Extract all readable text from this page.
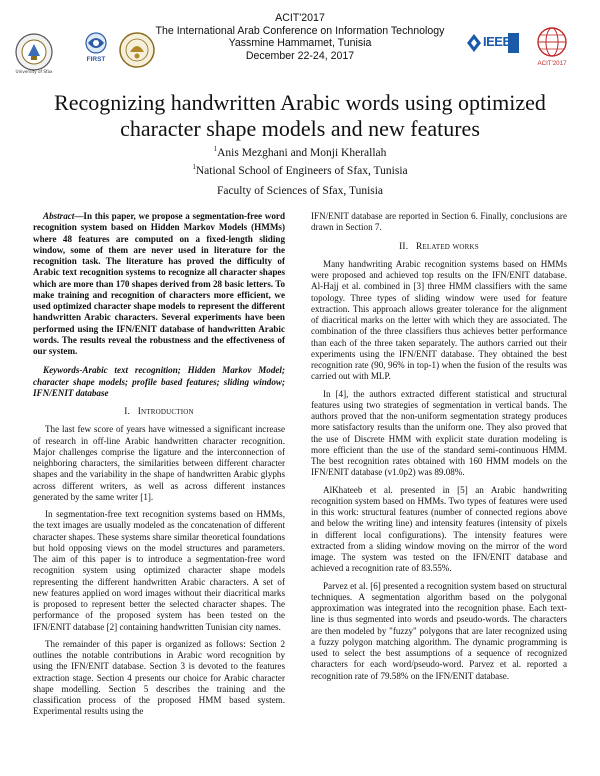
ACIT'2017
The International Arab Conference on Information Technology
Yassmine Hammamet, Tunisia
December 22-24, 2017
University of Sfax
FIRST
IEEE
ACIT'2017
Recognizing handwritten Arabic words using optimized character shape models and new features
$^1$Anis Mezghani and Monji Kherallah
$^1$National School of Engineers of Sfax, Tunisia
Faculty of Sciences of Sfax, Tunisia

Abstract—In this paper, we propose a segmentation-free word recognition system based on Hidden Markov Models (HMMs) where 48 features are computed on a fixed-length sliding window, some of them are never used in literature for the recognition task. The literature has proved the difficulty of Arabic text recognition systems to recognize all character shapes which are more than 170 shapes derived from 28 basic letters. To make training and recognition of characters more efficient, we used optimized character shape models to represent the different handwritten Arabic characters. Several experiments have been performed using the IFN/ENIT database of handwritten Arabic words. The results reveal the robustness and the effectiveness of our system.

Keywords-Arabic text recognition; Hidden Markov Model; character shape models; profile based features; sliding window; IFN/ENIT database

I. Introduction

The last few score of years have witnessed a significant increase of research in off-line Arabic handwritten character recognition. Major challenges comprise the ligature and the interconnection of neighboring characters, the similarities between different character shapes and the variability in the shape of handwritten Arabic glyphs across different writers, as well as across different instances generated by the same writer [1].

In segmentation-free text recognition systems based on HMMs, the text images are usually modeled as the concatenation of different character shapes. These systems share similar theoretical foundations but hold opposing views on the model structures and parameters. The aim of this paper is to introduce a segmentation-free word recognition system using optimized character shape models representing the different handwritten Arabic characters. A set of new features applied on word images without their diacritical marks is proposed to represent better the selected character shapes. The performance of the proposed system has been tested on the IFN/ENIT database [2] containing handwritten Tunisian city names.

The remainder of this paper is organized as follows: Section 2 outlines the notable contributions in Arabic word recognition by using the IFN/ENIT database. Section 3 is devoted to the features extraction stage. Section 4 presents our choice for Arabic character shape modelling. Section 5 describes the training and the classification process of the proposed HMM based system. Experimental results using the

IFN/ENIT database are reported in Section 6. Finally, conclusions are drawn in Section 7.

II. Related works

Many handwriting Arabic recognition systems based on HMMs were proposed and achieved top results on the IFN/ENIT database. Al-Hajj et al. combined in [3] three HMM classifiers with the same topology. Three types of sliding window were used for feature extraction. This approach allows greater tolerance for the alignment of diacritical marks on the letter with which they are associated. The combination of the three classifiers thus achieves better performance than each of the three taken separately. The authors carried out their experiments using the IFN/ENIT database. They obtained the best recognition rate (90, 96% in top-1) when the fusion of the results was carried out with MLP.

In [4], the authors extracted different statistical and structural features using two strategies of segmentation in vertical bands. The authors proved that the non-uniform segmentation strategy produces more satisfactory results than the uniform one. They also proved that the use of Discrete HMM with explicit state duration modeling is more efficient than the use of the standard semi-continuous HMM. The best recognition rates obtained with 160 HMM models on the IFN/ENIT database (v1.0p2) was 89.08%.

AlKhateeb et al. presented in [5] an Arabic handwriting recognition system based on HMMs. Two types of features were used in this work: structural features (number of connected regions above and below the writing line) and intensity features (intensity of pixels in different local configurations). The intensity features were extracted from a sliding window moving on the mirror of the word image. The system was tested on the IFN/ENIT database and achieved a recognition rate of 83.55%.

Parvez et al. [6] presented a recognition system based on structural techniques. A segmentation algorithm based on the polygonal approximation was integrated into the recognition phase. Each text-line is thus segmented into words and pseudo-words. The characters are then modeled by "fuzzy" polygons that are later recognized using a fuzzy polygon matching algorithm. The dynamic programming is used to select the best assumptions of a sequence of recognized characters for each word/pseudo-word. Parvez et al. reported a recognition rate of 79.58% on the IFN/ENIT database.
